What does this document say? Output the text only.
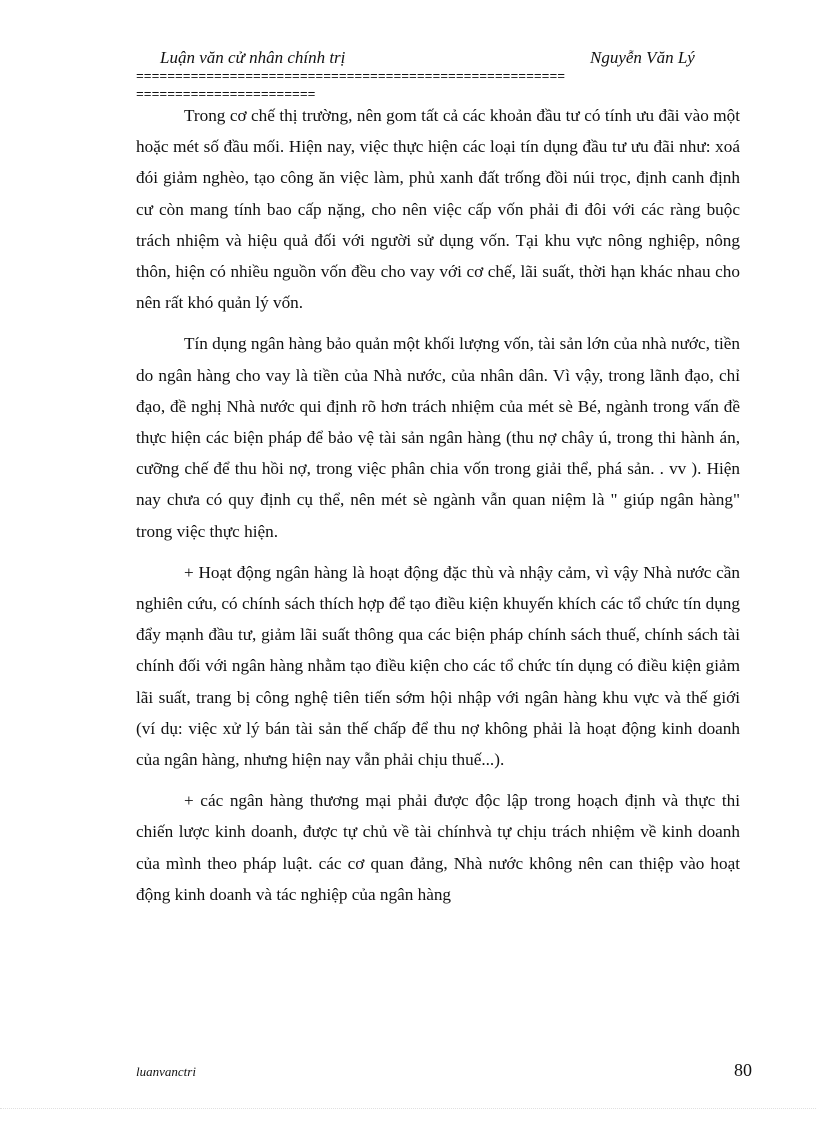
Luận văn cử nhân chính trị	Nguyễn Văn Lý
=======================================================
=======================

Trong cơ chế thị trường, nên gom tất cả các khoản đầu tư có tính ưu đãi vào một hoặc mét số đầu mối. Hiện nay, việc thực hiện các loại tín dụng đầu tư ưu đãi như: xoá đói giảm nghèo, tạo công ăn việc làm, phủ xanh đất trống đồi núi trọc, định canh định cư còn mang tính bao cấp nặng, cho nên việc cấp vốn phải đi đôi với các ràng buộc trách nhiệm và hiệu quả đối với người sử dụng vốn. Tại khu vực nông nghiệp, nông thôn, hiện có nhiều nguồn vốn đều cho vay với cơ chế, lãi suất, thời hạn khác nhau cho nên rất khó quản lý vốn.

Tín dụng ngân hàng bảo quản một khối lượng vốn, tài sản lớn của nhà nước, tiền do ngân hàng cho vay là tiền của Nhà nước, của nhân dân. Vì vậy, trong lãnh đạo, chỉ đạo, đề nghị Nhà nước qui định rõ hơn trách nhiệm của mét sè Bé, ngành trong vấn đề thực hiện các biện pháp để bảo vệ tài sản ngân hàng (thu nợ chây ú, trong thi hành án, cưỡng chế để thu hồi nợ, trong việc phân chia vốn trong giải thể, phá sản. . vv ). Hiện nay chưa có quy định cụ thể, nên mét sè ngành vẫn quan niệm là " giúp ngân hàng" trong việc thực hiện.

+ Hoạt động ngân hàng là hoạt động đặc thù và nhậy cảm, vì vậy Nhà nước cần nghiên cứu, có chính sách thích hợp để tạo điều kiện khuyến khích các tổ chức tín dụng đẩy mạnh đầu tư, giảm lãi suất thông qua các biện pháp chính sách thuế, chính sách tài chính đối với ngân hàng nhằm tạo điều kiện cho các tổ chức tín dụng có điều kiện giảm lãi suất, trang bị công nghệ tiên tiến sớm hội nhập với ngân hàng khu vực và thế giới (ví dụ: việc xử lý bán tài sản thế chấp để thu nợ không phải là hoạt động kinh doanh của ngân hàng, nhưng hiện nay vẫn phải chịu thuế...).

+ các ngân hàng thương mại phải được độc lập trong hoạch định và thực thi chiến lược kinh doanh, được tự chủ về tài chínhvà tự chịu trách nhiệm về kinh doanh của mình theo pháp luật. các cơ quan đảng, Nhà nước không nên can thiệp vào hoạt động kinh doanh và tác nghiệp của ngân hàng

luanvanctri	80
